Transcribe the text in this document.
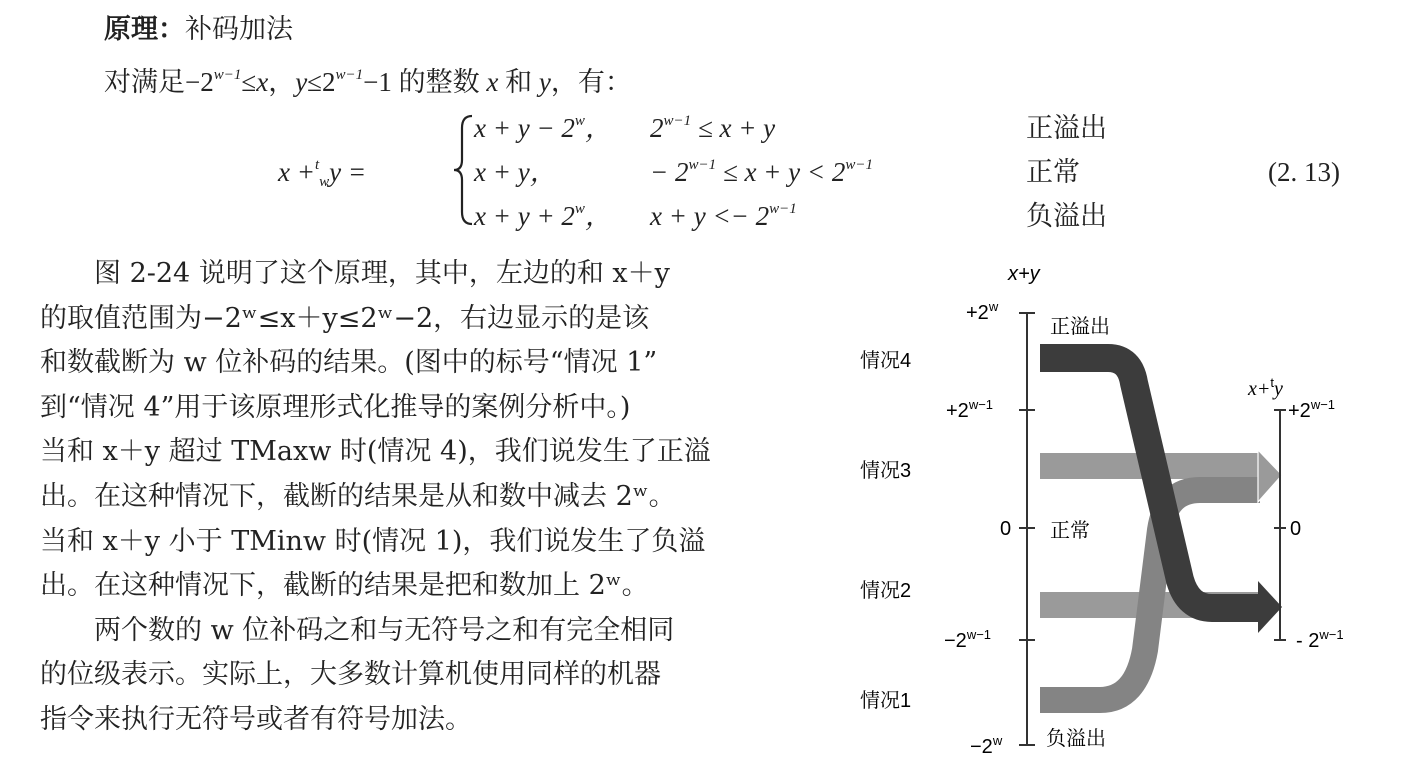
原理：补码加法
对满足$-2^{w-1}\le x$，$y\le 2^{w-1}-1$ 的整数 x 和 y，有：
x +$^t_w$y =
$x + y - 2^w$， $2^{w-1} \le x + y$	正溢出
x + y，	− $2^{w-1} \le x + y < 2^{w-1}$	正常
$x + y + 2^w$， $x + y <- 2^{w-1}$	负溢出
(2. 13)

　　图 2-24 说明了这个原理，其中，左边的和 x＋y

的取值范围为−2ʷ≤x＋y≤2ʷ−2，右边显示的是该

和数截断为 w 位补码的结果。(图中的标号“情况 1”

到“情况 4”用于该原理形式化推导的案例分析中。)

当和 x＋y 超过 TMaxw 时(情况 4)，我们说发生了正溢

出。在这种情况下，截断的结果是从和数中减去 2ʷ。

当和 x＋y 小于 TMinw 时(情况 1)，我们说发生了负溢

出。在这种情况下，截断的结果是把和数加上 2ʷ。

　　两个数的 w 位补码之和与无符号之和有完全相同

的位级表示。实际上，大多数计算机使用同样的机器

指令来执行无符号或者有符号加法。

x+y
x+$^t$y
$+2^w$
$+2^{w-1}$
0
$-2^{w-1}$
$-2^w$
$+2^{w-1}$
0
- $2^{w-1}$
正溢出
正常
负溢出
情况4
情况3
情况2
情况1
